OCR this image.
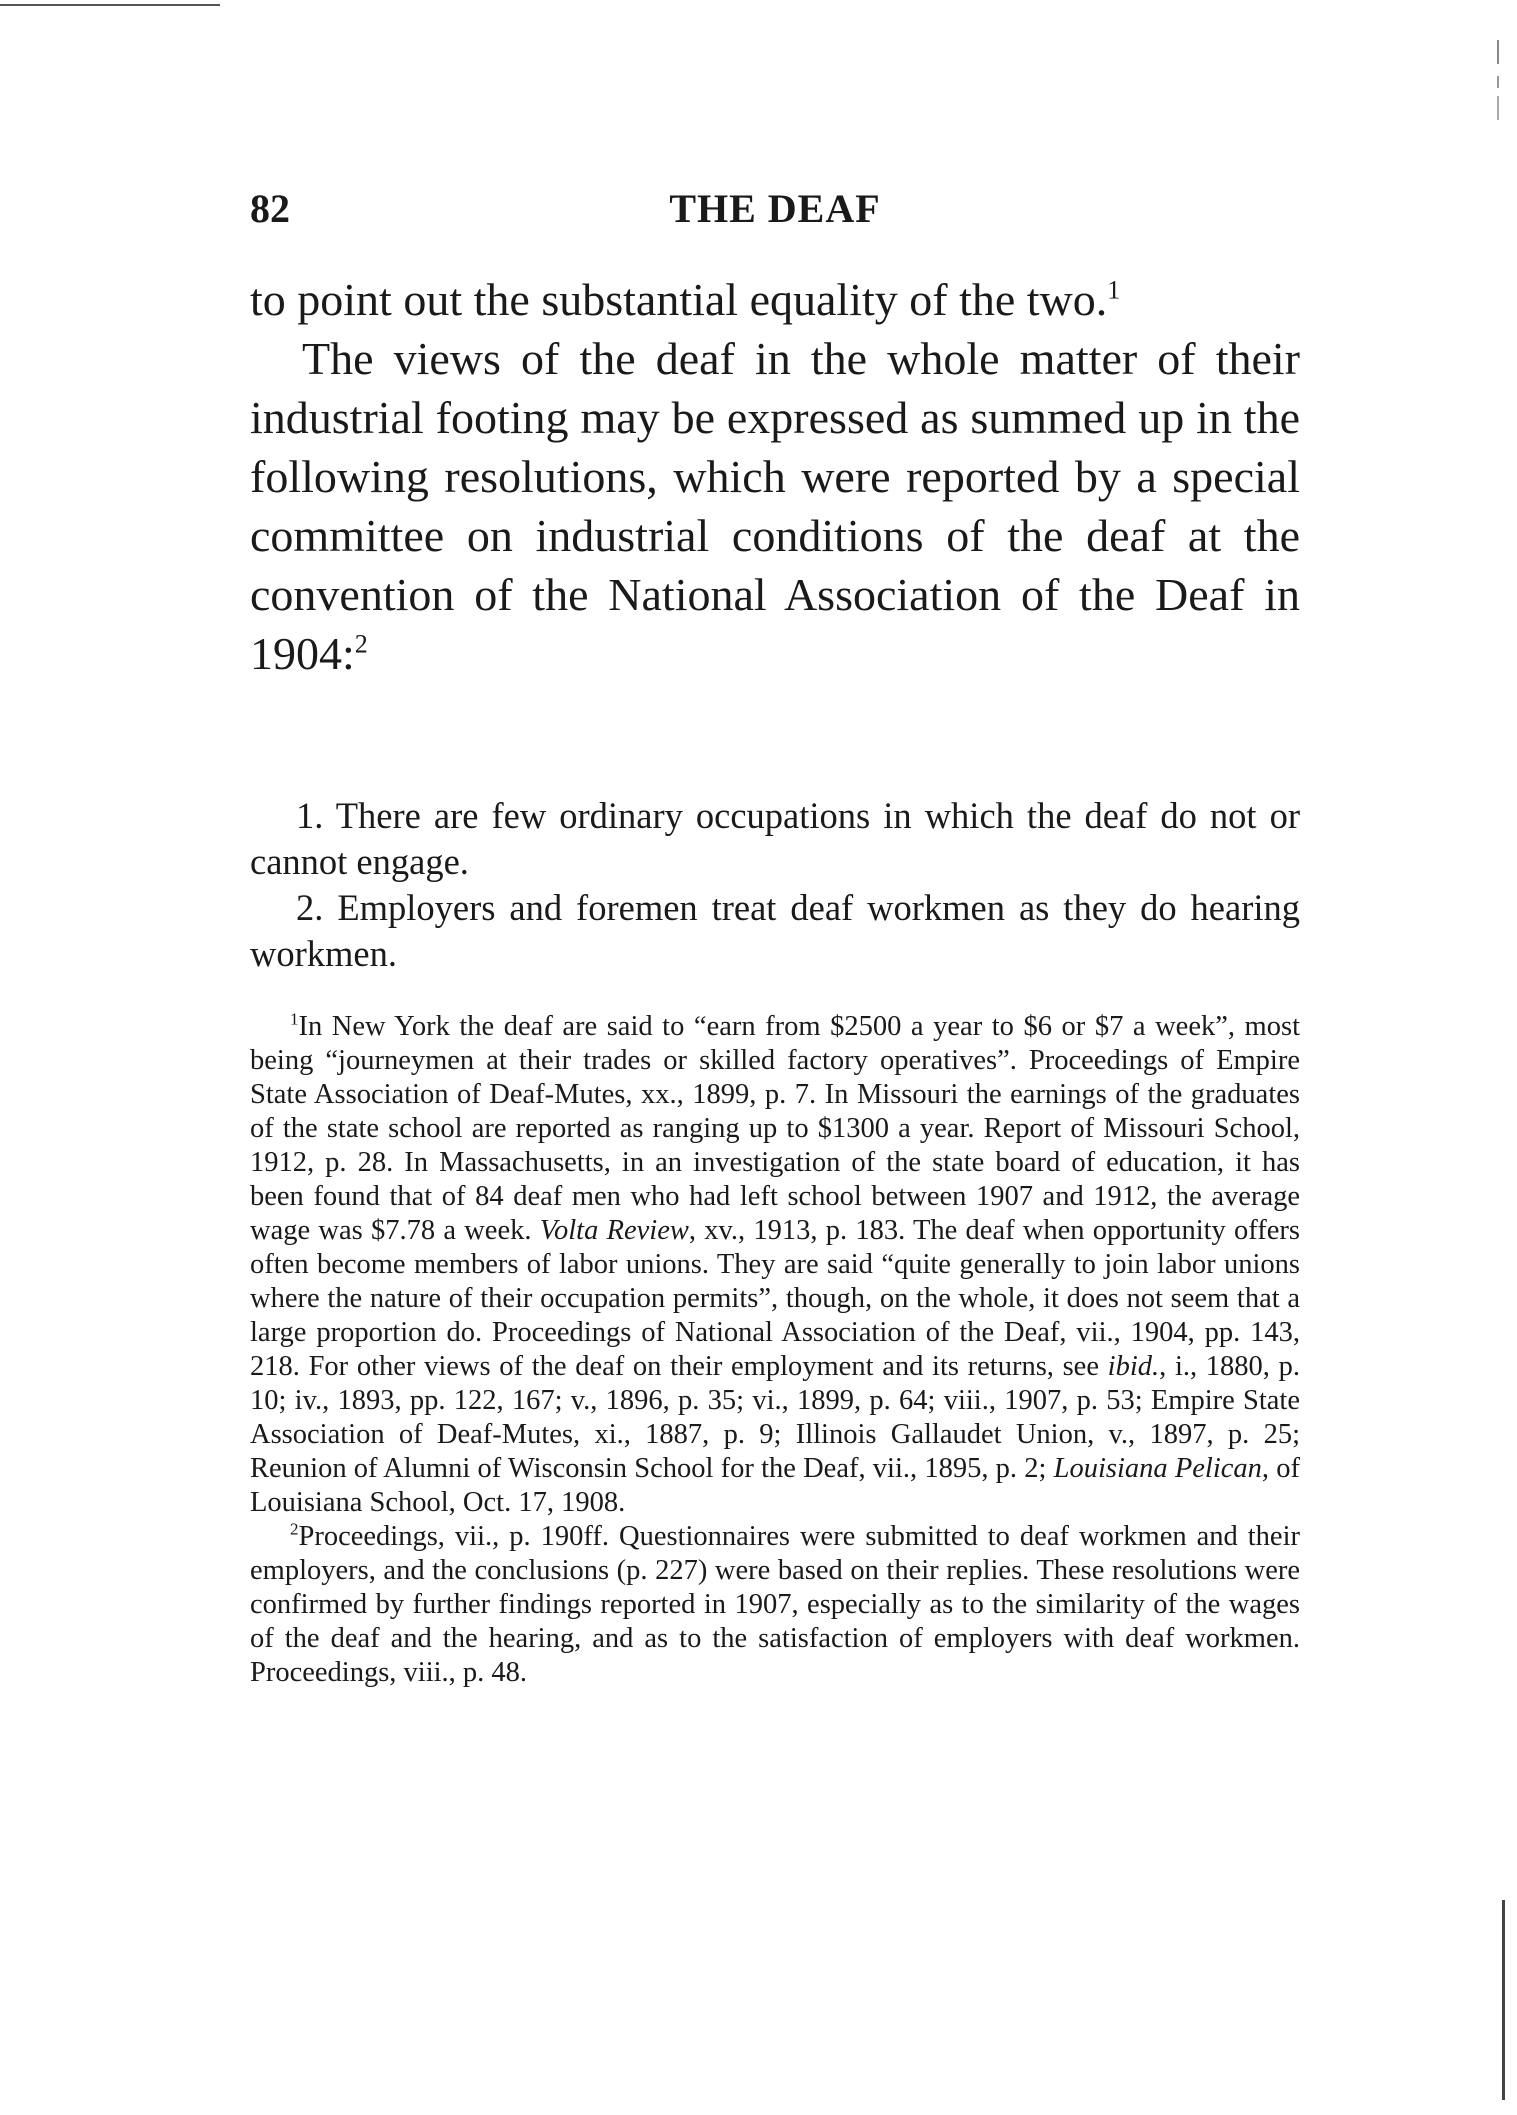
82	THE DEAF

to point out the substantial equality of the two.$^1$

The views of the deaf in the whole matter of their industrial footing may be expressed as summed up in the following resolutions, which were reported by a special committee on industrial conditions of the deaf at the convention of the National Association of the Deaf in 1904:$^2$

1. There are few ordinary occupations in which the deaf do not or cannot engage.

2. Employers and foremen treat deaf workmen as they do hearing workmen.

$^1$In New York the deaf are said to “earn from $2500 a year to $6 or $7 a week”, most being “journeymen at their trades or skilled factory operatives”. Proceedings of Empire State Association of Deaf-Mutes, xx., 1899, p. 7. In Missouri the earnings of the graduates of the state school are reported as ranging up to $1300 a year. Report of Missouri School, 1912, p. 28. In Massachusetts, in an investigation of the state board of education, it has been found that of 84 deaf men who had left school between 1907 and 1912, the average wage was $7.78 a week. Volta Review, xv., 1913, p. 183. The deaf when opportunity offers often become members of labor unions. They are said “quite generally to join labor unions where the nature of their occupation permits”, though, on the whole, it does not seem that a large proportion do. Proceedings of National Association of the Deaf, vii., 1904, pp. 143, 218. For other views of the deaf on their employment and its returns, see ibid., i., 1880, p. 10; iv., 1893, pp. 122, 167; v., 1896, p. 35; vi., 1899, p. 64; viii., 1907, p. 53; Empire State Association of Deaf-Mutes, xi., 1887, p. 9; Illinois Gallaudet Union, v., 1897, p. 25; Reunion of Alumni of Wisconsin School for the Deaf, vii., 1895, p. 2; Louisiana Pelican, of Louisiana School, Oct. 17, 1908.

$^2$Proceedings, vii., p. 190ff. Questionnaires were submitted to deaf workmen and their employers, and the conclusions (p. 227) were based on their replies. These resolutions were confirmed by further findings reported in 1907, especially as to the similarity of the wages of the deaf and the hearing, and as to the satisfaction of employers with deaf workmen. Proceedings, viii., p. 48.
